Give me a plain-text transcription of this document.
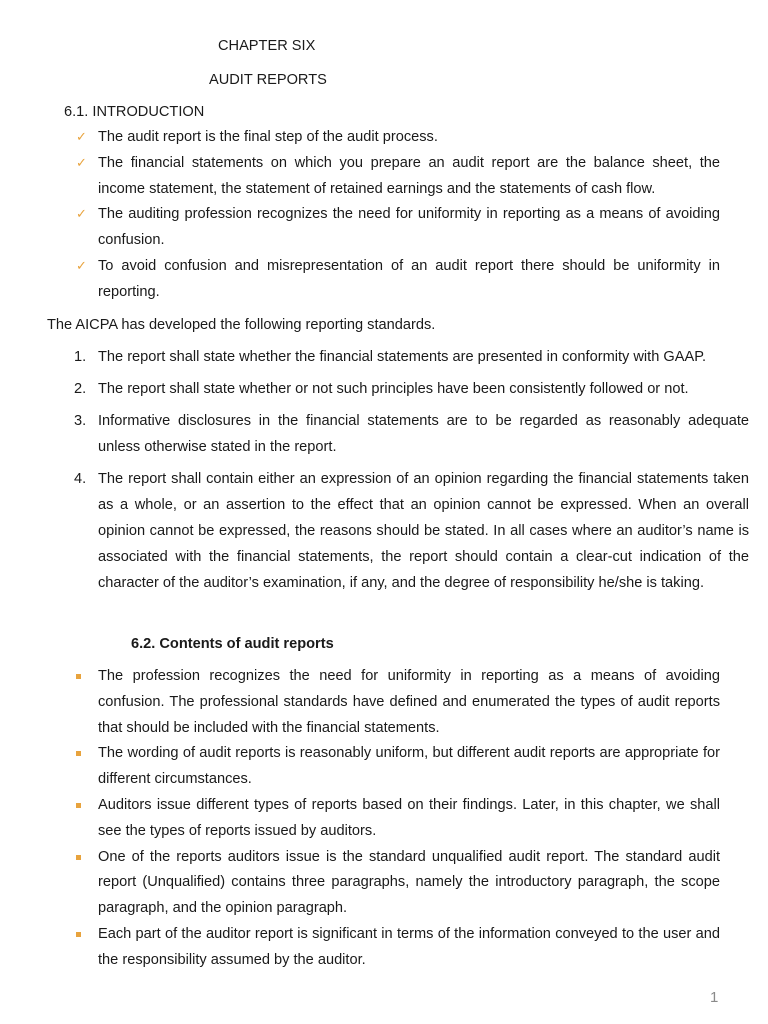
CHAPTER SIX
AUDIT REPORTS
6.1. INTRODUCTION
✓ The audit report is the final step of the audit process.
✓ The financial statements on which you prepare an audit report are the balance sheet, the income statement, the statement of retained earnings and the statements of cash flow.
✓ The auditing profession recognizes the need for uniformity in reporting as a means of avoiding confusion.
✓ To avoid confusion and misrepresentation of an audit report there should be uniformity in reporting.
The AICPA has developed the following reporting standards.
1. The report shall state whether the financial statements are presented in conformity with GAAP.
2. The report shall state whether or not such principles have been consistently followed or not.
3. Informative disclosures in the financial statements are to be regarded as reasonably adequate unless otherwise stated in the report.
4. The report shall contain either an expression of an opinion regarding the financial statements taken as a whole, or an assertion to the effect that an opinion cannot be expressed. When an overall opinion cannot be expressed, the reasons should be stated. In all cases where an auditor’s name is associated with the financial statements, the report should contain a clear-cut indication of the character of the auditor’s examination, if any, and the degree of responsibility he/she is taking.
6.2. Contents of audit reports
The profession recognizes the need for uniformity in reporting as a means of avoiding confusion. The professional standards have defined and enumerated the types of audit reports that should be included with the financial statements.
The wording of audit reports is reasonably uniform, but different audit reports are appropriate for different circumstances.
Auditors issue different types of reports based on their findings. Later, in this chapter, we shall see the types of reports issued by auditors.
One of the reports auditors issue is the standard unqualified audit report. The standard audit report (Unqualified) contains three paragraphs, namely the introductory paragraph, the scope paragraph, and the opinion paragraph.
Each part of the auditor report is significant in terms of the information conveyed to the user and the responsibility assumed by the auditor.
1
